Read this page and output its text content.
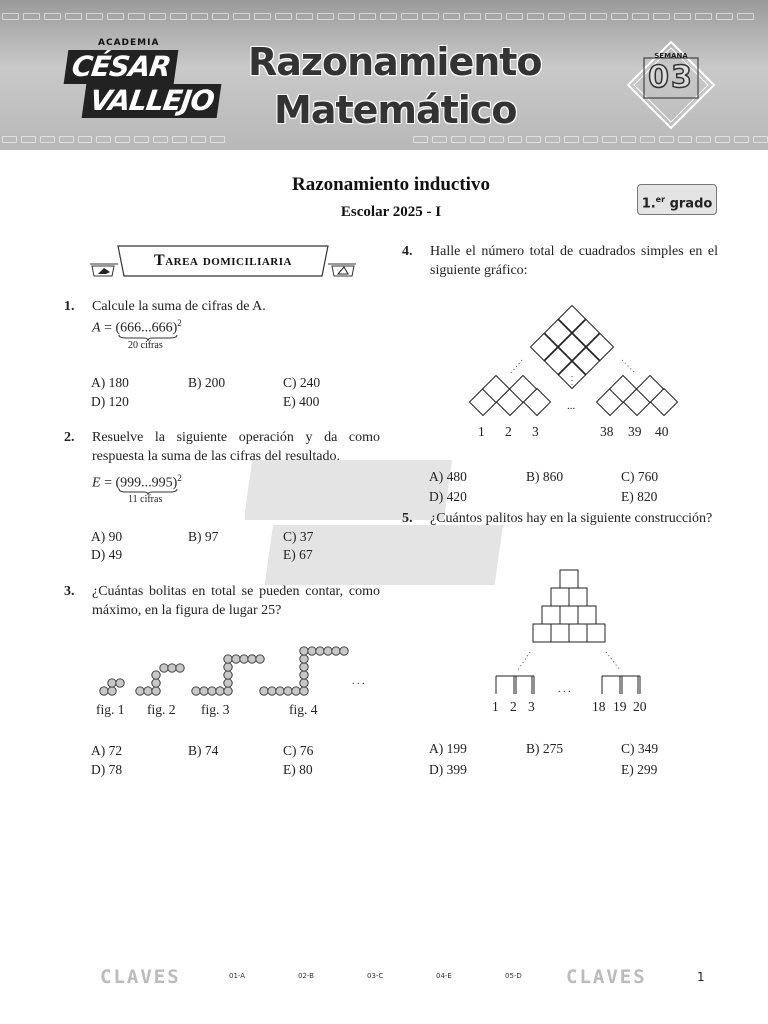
ACADEMIA
CÉSAR
VALLEJO
Razonamiento
Matemático
SEMANA
03
Razonamiento inductivo
Escolar 2025 - I
1.$^{er}$ grado
Tarea domiciliaria
1. Calcule la suma de cifras de A.
$A = (666...666)^2$
20 cifras
A) 180	B) 200	C) 240
D) 120	E) 400
2. Resuelve la siguiente operación y da como respuesta la suma de las cifras del resultado.
$E = (999...995)^2$
11 cifras
A) 90	B) 97	C) 37
D) 49	E) 67
3. ¿Cuántas bolitas en total se pueden contar, como máximo, en la figura de lugar 25?
. . .
fig. 1 fig. 2 fig. 3	fig. 4
A) 72	B) 74	C) 76
D) 78	E) 80
4. Halle el número total de cuadrados simples en el siguiente gráfico:
...
1 2 3	38 39 40
A) 480	B) 860	C) 760
D) 420	E) 820
5. ¿Cuántos palitos hay en la siguiente construcción?
. . .
1 2 3	18 19 20
A) 199	B) 275	C) 349
D) 399	E) 299
CLAVES	01-A	02-B	03-C	04-E	05-D CLAVES	1
